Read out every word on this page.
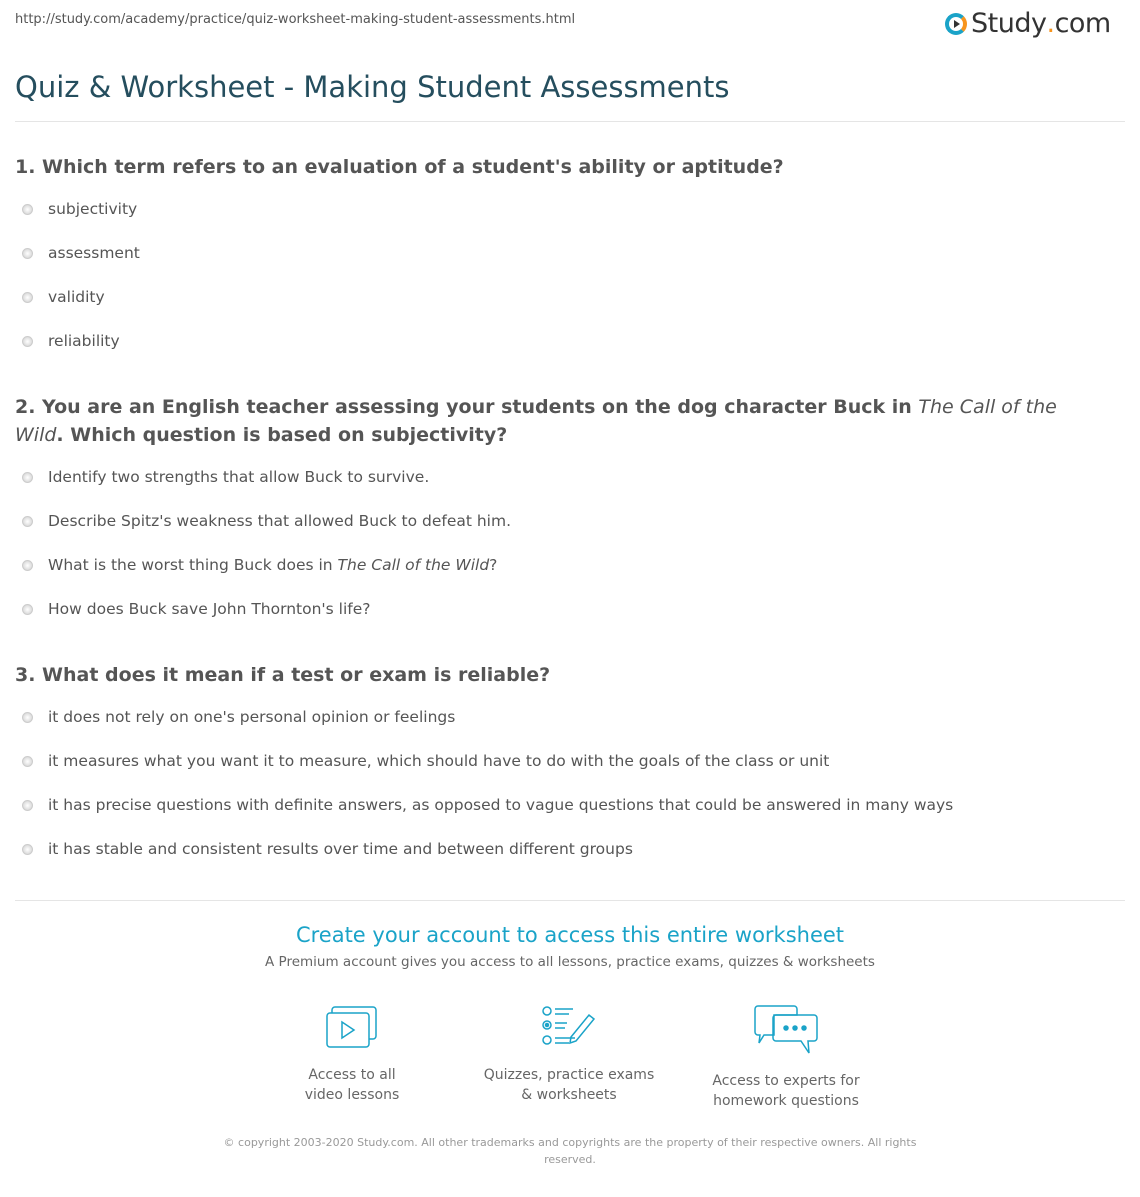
http://study.com/academy/practice/quiz-worksheet-making-student-assessments.html	Study . com
Quiz & Worksheet - Making Student Assessments
1. Which term refers to an evaluation of a student's ability or aptitude?
subjectivity
assessment
validity
reliability
2. You are an English teacher assessing your students on the dog character Buck in The Call of the Wild. Which question is based on subjectivity?
Identify two strengths that allow Buck to survive.
Describe Spitz's weakness that allowed Buck to defeat him.
What is the worst thing Buck does in The Call of the Wild?
How does Buck save John Thornton's life?
3. What does it mean if a test or exam is reliable?
it does not rely on one's personal opinion or feelings
it measures what you want it to measure, which should have to do with the goals of the class or unit
it has precise questions with definite answers, as opposed to vague questions that could be answered in many ways
it has stable and consistent results over time and between different groups
Create your account to access this entire worksheet
A Premium account gives you access to all lessons, practice exams, quizzes & worksheets
Access to all
video lessons
Quizzes, practice exams
& worksheets
Access to experts for
homework questions
© copyright 2003-2020 Study.com. All other trademarks and copyrights are the property of their respective owners. All rights
reserved.
